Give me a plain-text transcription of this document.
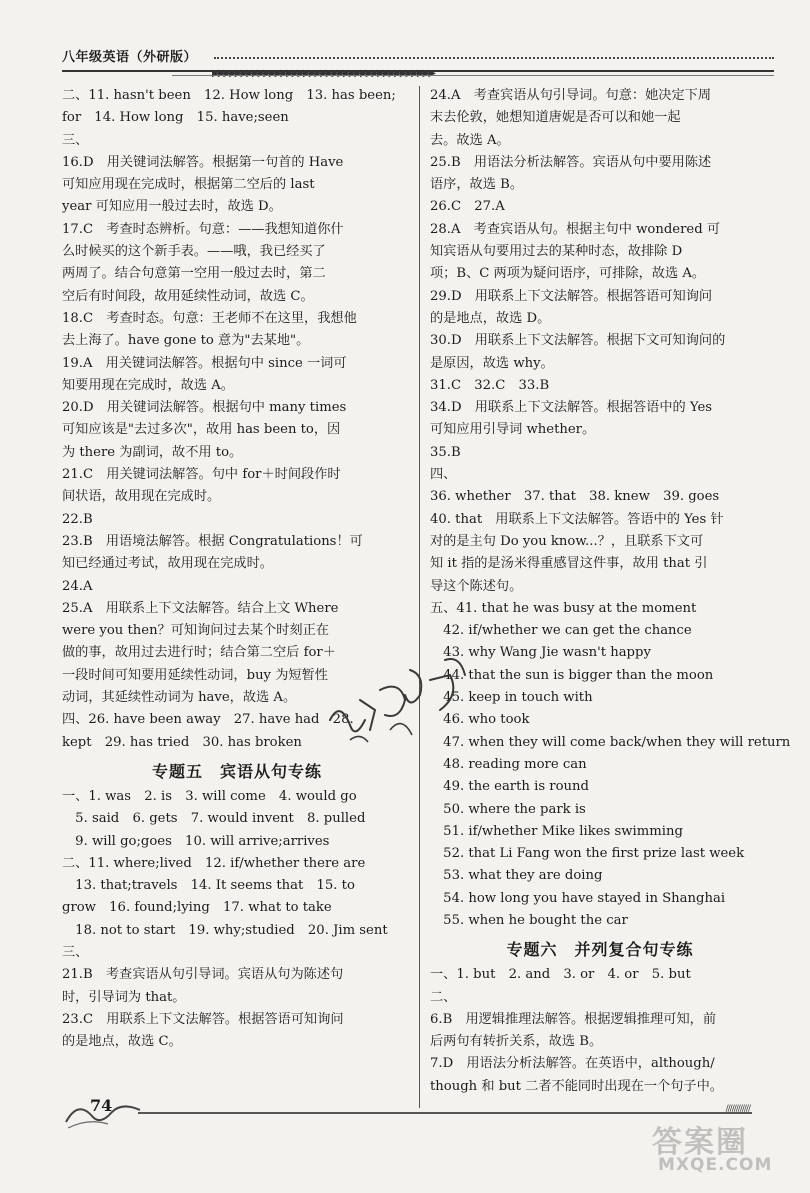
八年级英语（外研版）
▶▶▶▶▶▶▶▶▶▶▶▶▶▶▶▶▶▶▶▶▶▶▶▶▶▶▶▶▶▶▶▶▶▶▶▶▶▶▶
二、11. hasn't been　12. How long　13. has been;
for　14. How long　15. have;seen
三、
16.D　用关键词法解答。根据第一句首的 Have
可知应用现在完成时，根据第二空后的 last
year 可知应用一般过去时，故选 D。
17.C　考查时态辨析。句意：——我想知道你什
么时候买的这个新手表。——哦，我已经买了
两周了。结合句意第一空用一般过去时，第二
空后有时间段，故用延续性动词，故选 C。
18.C　考查时态。句意：王老师不在这里，我想他
去上海了。have gone to 意为"去某地"。
19.A　用关键词法解答。根据句中 since 一词可
知要用现在完成时，故选 A。
20.D　用关键词法解答。根据句中 many times
可知应该是"去过多次"，故用 has been to，因
为 there 为副词，故不用 to。
21.C　用关键词法解答。句中 for＋时间段作时
间状语，故用现在完成时。
22.B
23.B　用语境法解答。根据 Congratulations！可
知已经通过考试，故用现在完成时。
24.A
25.A　用联系上下文法解答。结合上文 Where
were you then？可知询问过去某个时刻正在
做的事，故用过去进行时；结合第二空后 for＋
一段时间可知要用延续性动词，buy 为短暂性
动词，其延续性动词为 have，故选 A。
四、26. have been away　27. have had　28.
kept　29. has tried　30. has broken
专题五　宾语从句专练
一、1. was　2. is　3. will come　4. would go
　5. said　6. gets　7. would invent　8. pulled
　9. will go;goes　10. will arrive;arrives
二、11. where;lived　12. if/whether there are
　13. that;travels　14. It seems that　15. to
grow　16. found;lying　17. what to take
　18. not to start　19. why;studied　20. Jim sent
三、
21.B　考查宾语从句引导词。宾语从句为陈述句
时，引导词为 that。
23.C　用联系上下文法解答。根据答语可知询问
的是地点，故选 C。
24.A　考查宾语从句引导词。句意：她决定下周
末去伦敦，她想知道唐妮是否可以和她一起
去。故选 A。
25.B　用语法分析法解答。宾语从句中要用陈述
语序，故选 B。
26.C　27.A
28.A　考查宾语从句。根据主句中 wondered 可
知宾语从句要用过去的某种时态，故排除 D
项；B、C 两项为疑问语序，可排除，故选 A。
29.D　用联系上下文法解答。根据答语可知询问
的是地点，故选 D。
30.D　用联系上下文法解答。根据下文可知询问的
是原因，故选 why。
31.C　32.C　33.B
34.D　用联系上下文法解答。根据答语中的 Yes
可知应用引导词 whether。
35.B
四、
36. whether　37. that　38. knew　39. goes
40. that　用联系上下文法解答。答语中的 Yes 针
对的是主句 Do you know...？，且联系下文可
知 it 指的是汤米得重感冒这件事，故用 that 引
导这个陈述句。
五、41. that he was busy at the moment
　42. if/whether we can get the chance
　43. why Wang Jie wasn't happy
　44. that the sun is bigger than the moon
　45. keep in touch with
　46. who took
　47. when they will come back/when they will return
　48. reading more can
　49. the earth is round
　50. where the park is
　51. if/whether Mike likes swimming
　52. that Li Fang won the first prize last week
　53. what they are doing
　54. how long you have stayed in Shanghai
　55. when he bought the car
专题六　并列复合句专练
一、1. but　2. and　3. or　4. or　5. but
二、
6.B　用逻辑推理法解答。根据逻辑推理可知，前
后两句有转折关系，故选 B。
7.D　用语法分析法解答。在英语中，although/
though 和 but 二者不能同时出现在一个句子中。
74	////////////
答案圈
MXQE.COM
